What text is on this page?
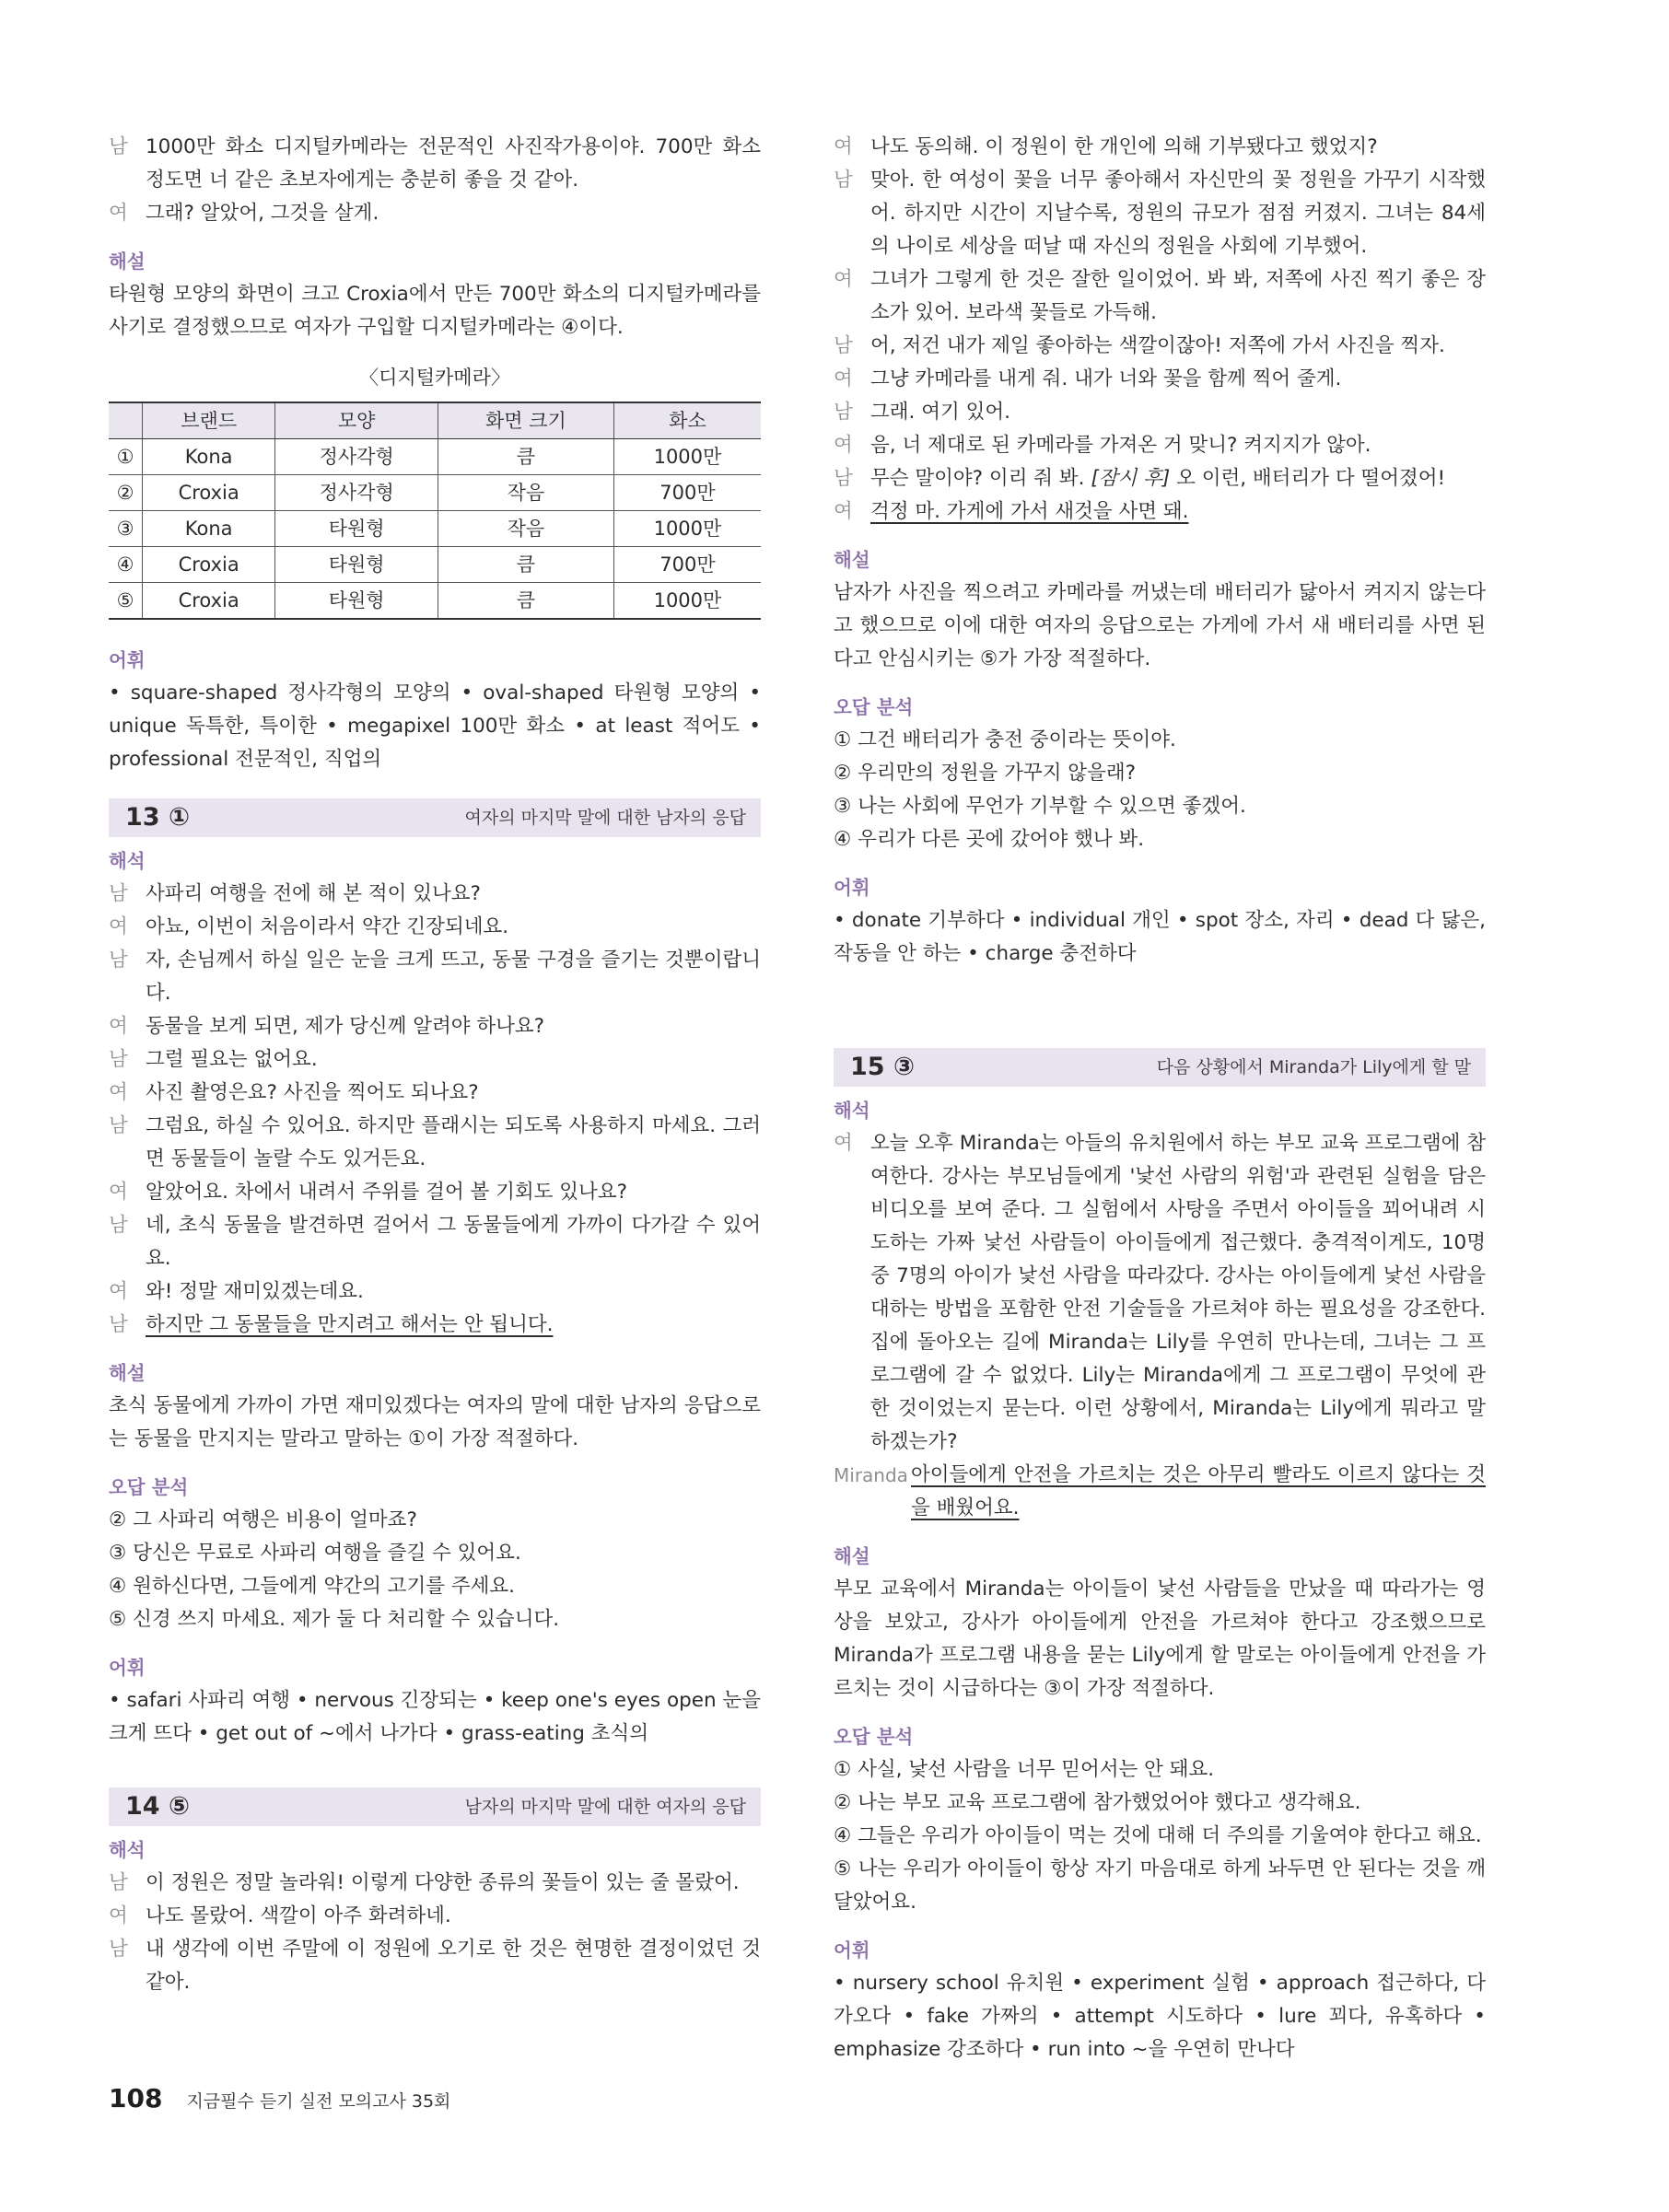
남 1000만 화소 디지털카메라는 전문적인 사진작가용이야. 700만 화소 정도면 너 같은 초보자에게는 충분히 좋을 것 같아.
여 그래? 알았어, 그것을 살게.
해설
타원형 모양의 화면이 크고 Croxia에서 만든 700만 화소의 디지털카메라를 사기로 결정했으므로 여자가 구입할 디지털카메라는 ④이다.
〈디지털카메라〉
	브랜드	모양	화면 크기	화소
①	Kona	정사각형	큼	1000만
②	Croxia	정사각형	작음	700만
③	Kona	타원형	작음	1000만
④	Croxia	타원형	큼	700만
⑤	Croxia	타원형	큼	1000만
어휘
• square-shaped 정사각형의 모양의 • oval-shaped 타원형 모양의 • unique 독특한, 특이한 • megapixel 100만 화소 • at least 적어도 • professional 전문적인, 직업의
13 ①	여자의 마지막 말에 대한 남자의 응답
해석
남 사파리 여행을 전에 해 본 적이 있나요?
여 아뇨, 이번이 처음이라서 약간 긴장되네요.
남 자, 손님께서 하실 일은 눈을 크게 뜨고, 동물 구경을 즐기는 것뿐이랍니다.
여 동물을 보게 되면, 제가 당신께 알려야 하나요?
남 그럴 필요는 없어요.
여 사진 촬영은요? 사진을 찍어도 되나요?
남 그럼요, 하실 수 있어요. 하지만 플래시는 되도록 사용하지 마세요. 그러면 동물들이 놀랄 수도 있거든요.
여 알았어요. 차에서 내려서 주위를 걸어 볼 기회도 있나요?
남 네, 초식 동물을 발견하면 걸어서 그 동물들에게 가까이 다가갈 수 있어요.
여 와! 정말 재미있겠는데요.
남 하지만 그 동물들을 만지려고 해서는 안 됩니다.
해설
초식 동물에게 가까이 가면 재미있겠다는 여자의 말에 대한 남자의 응답으로는 동물을 만지지는 말라고 말하는 ①이 가장 적절하다.
오답 분석
② 그 사파리 여행은 비용이 얼마죠?
③ 당신은 무료로 사파리 여행을 즐길 수 있어요.
④ 원하신다면, 그들에게 약간의 고기를 주세요.
⑤ 신경 쓰지 마세요. 제가 둘 다 처리할 수 있습니다.
어휘
• safari 사파리 여행 • nervous 긴장되는 • keep one's eyes open 눈을 크게 뜨다 • get out of ~에서 나가다 • grass-eating 초식의
14 ⑤	남자의 마지막 말에 대한 여자의 응답
해석
남 이 정원은 정말 놀라워! 이렇게 다양한 종류의 꽃들이 있는 줄 몰랐어.
여 나도 몰랐어. 색깔이 아주 화려하네.
남 내 생각에 이번 주말에 이 정원에 오기로 한 것은 현명한 결정이었던 것 같아.
여 나도 동의해. 이 정원이 한 개인에 의해 기부됐다고 했었지?
남 맞아. 한 여성이 꽃을 너무 좋아해서 자신만의 꽃 정원을 가꾸기 시작했어. 하지만 시간이 지날수록, 정원의 규모가 점점 커졌지. 그녀는 84세의 나이로 세상을 떠날 때 자신의 정원을 사회에 기부했어.
여 그녀가 그렇게 한 것은 잘한 일이었어. 봐 봐, 저쪽에 사진 찍기 좋은 장소가 있어. 보라색 꽃들로 가득해.
남 어, 저건 내가 제일 좋아하는 색깔이잖아! 저쪽에 가서 사진을 찍자.
여 그냥 카메라를 내게 줘. 내가 너와 꽃을 함께 찍어 줄게.
남 그래. 여기 있어.
여 음, 너 제대로 된 카메라를 가져온 거 맞니? 켜지지가 않아.
남 무슨 말이야? 이리 줘 봐. [잠시 후] 오 이런, 배터리가 다 떨어졌어!
여 걱정 마. 가게에 가서 새것을 사면 돼.
해설
남자가 사진을 찍으려고 카메라를 꺼냈는데 배터리가 닳아서 켜지지 않는다고 했으므로 이에 대한 여자의 응답으로는 가게에 가서 새 배터리를 사면 된다고 안심시키는 ⑤가 가장 적절하다.
오답 분석
① 그건 배터리가 충전 중이라는 뜻이야.
② 우리만의 정원을 가꾸지 않을래?
③ 나는 사회에 무언가 기부할 수 있으면 좋겠어.
④ 우리가 다른 곳에 갔어야 했나 봐.
어휘
• donate 기부하다 • individual 개인 • spot 장소, 자리 • dead 다 닳은, 작동을 안 하는 • charge 충전하다
15 ③	다음 상황에서 Miranda가 Lily에게 할 말
해석
여 오늘 오후 Miranda는 아들의 유치원에서 하는 부모 교육 프로그램에 참여한다. 강사는 부모님들에게 '낯선 사람의 위험'과 관련된 실험을 담은 비디오를 보여 준다. 그 실험에서 사탕을 주면서 아이들을 꾀어내려 시도하는 가짜 낯선 사람들이 아이들에게 접근했다. 충격적이게도, 10명 중 7명의 아이가 낯선 사람을 따라갔다. 강사는 아이들에게 낯선 사람을 대하는 방법을 포함한 안전 기술들을 가르쳐야 하는 필요성을 강조한다. 집에 돌아오는 길에 Miranda는 Lily를 우연히 만나는데, 그녀는 그 프로그램에 갈 수 없었다. Lily는 Miranda에게 그 프로그램이 무엇에 관한 것이었는지 묻는다. 이런 상황에서, Miranda는 Lily에게 뭐라고 말하겠는가?
Miranda 아이들에게 안전을 가르치는 것은 아무리 빨라도 이르지 않다는 것을 배웠어요.
해설
부모 교육에서 Miranda는 아이들이 낯선 사람들을 만났을 때 따라가는 영상을 보았고, 강사가 아이들에게 안전을 가르쳐야 한다고 강조했으므로 Miranda가 프로그램 내용을 묻는 Lily에게 할 말로는 아이들에게 안전을 가르치는 것이 시급하다는 ③이 가장 적절하다.
오답 분석
① 사실, 낯선 사람을 너무 믿어서는 안 돼요.
② 나는 부모 교육 프로그램에 참가했었어야 했다고 생각해요.
④ 그들은 우리가 아이들이 먹는 것에 대해 더 주의를 기울여야 한다고 해요.
⑤ 나는 우리가 아이들이 항상 자기 마음대로 하게 놔두면 안 된다는 것을 깨달았어요.
어휘
• nursery school 유치원 • experiment 실험 • approach 접근하다, 다가오다 • fake 가짜의 • attempt 시도하다 • lure 꾀다, 유혹하다 • emphasize 강조하다 • run into ~을 우연히 만나다
108 지금필수 듣기 실전 모의고사 35회
